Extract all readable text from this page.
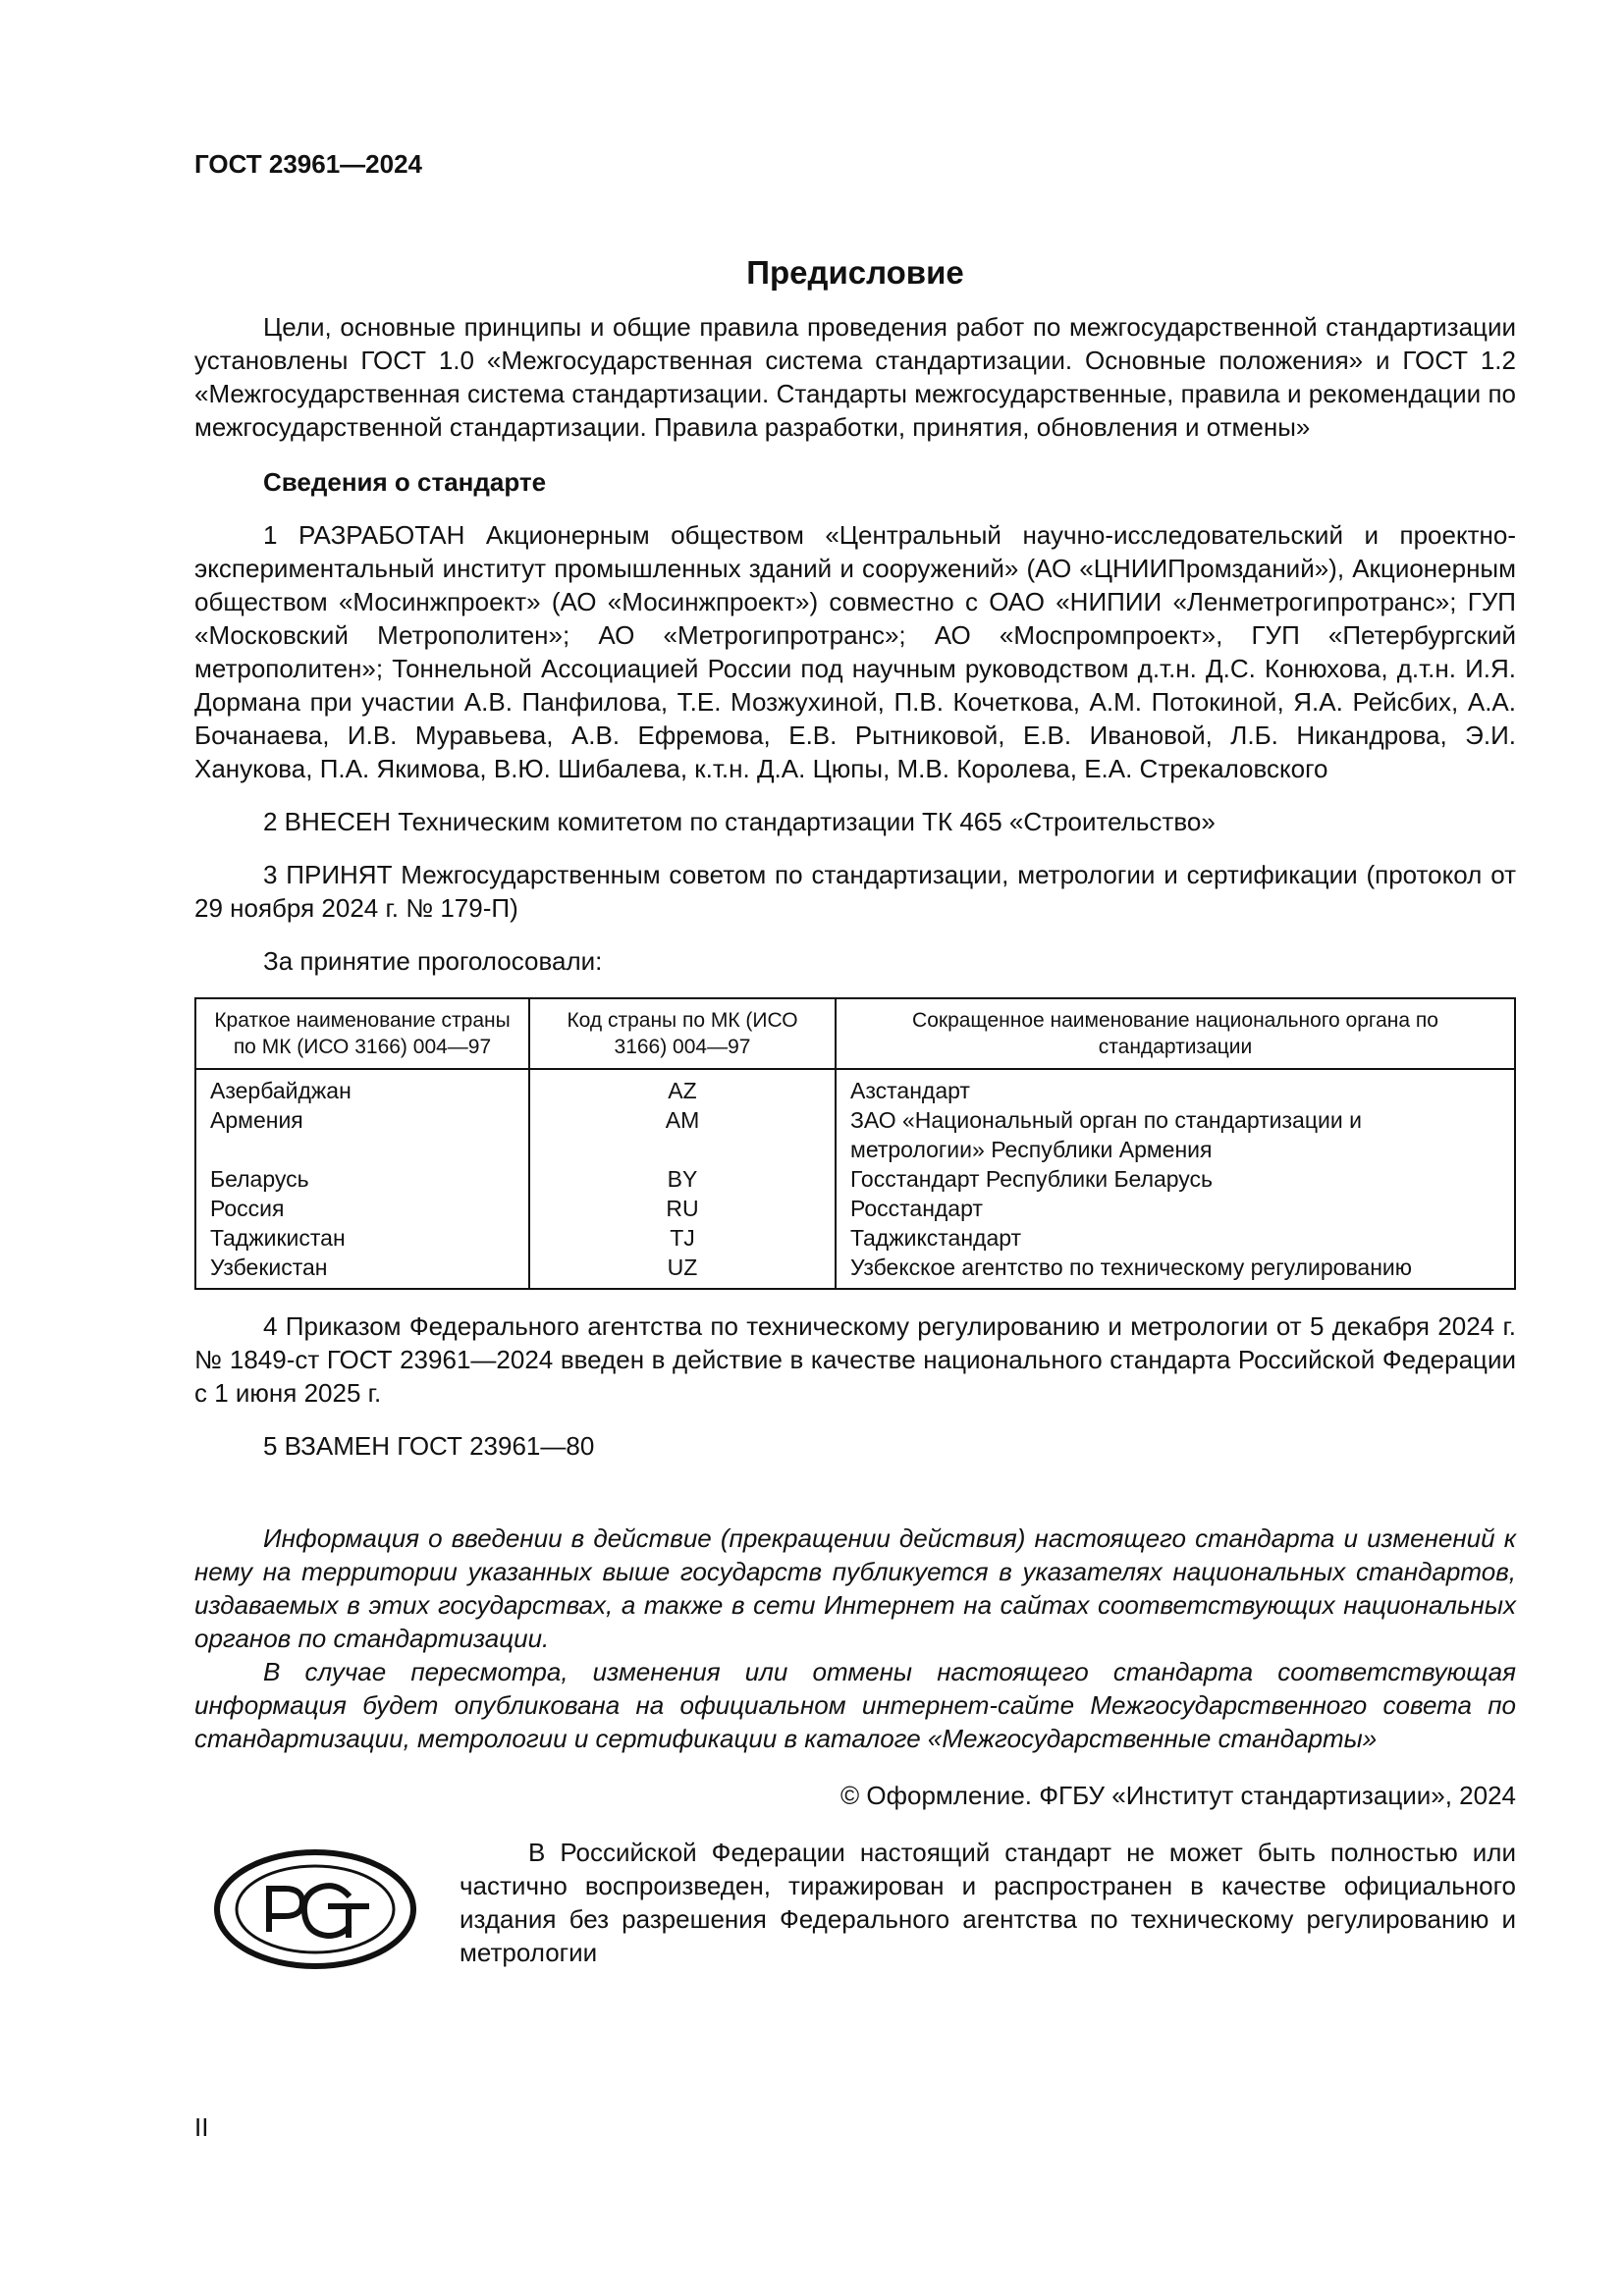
ГОСТ 23961—2024

Предисловие

Цели, основные принципы и общие правила проведения работ по межгосударственной стандартизации установлены ГОСТ 1.0 «Межгосударственная система стандартизации. Основные положения» и ГОСТ 1.2 «Межгосударственная система стандартизации. Стандарты межгосударственные, правила и рекомендации по межгосударственной стандартизации. Правила разработки, принятия, обновления и отмены»

Сведения о стандарте

1 РАЗРАБОТАН Акционерным обществом «Центральный научно-исследовательский и проектно-экспериментальный институт промышленных зданий и сооружений» (АО «ЦНИИПромзданий»), Акционерным обществом «Мосинжпроект» (АО «Мосинжпроект») совместно с ОАО «НИПИИ «Ленметрогипротранс»; ГУП «Московский Метрополитен»; АО «Метрогипротранс»; АО «Моспромпроект», ГУП «Петербургский метрополитен»; Тоннельной Ассоциацией России под научным руководством д.т.н. Д.С. Конюхова, д.т.н. И.Я. Дормана при участии А.В. Панфилова, Т.Е. Мозжухиной, П.В. Кочеткова, А.М. Потокиной, Я.А. Рейсбих, А.А. Бочанаева, И.В. Муравьева, А.В. Ефремова, Е.В. Рытниковой, Е.В. Ивановой, Л.Б. Никандрова, Э.И. Ханукова, П.А. Якимова, В.Ю. Шибалева, к.т.н. Д.А. Цюпы, М.В. Королева, Е.А. Стрекаловского

2 ВНЕСЕН Техническим комитетом по стандартизации ТК 465 «Строительство»

3 ПРИНЯТ Межгосударственным советом по стандартизации, метрологии и сертификации (протокол от 29 ноября 2024 г. № 179-П)

За принятие проголосовали:

Краткое наименование страны по МК (ИСО 3166) 004—97	Код страны по МК (ИСО 3166) 004—97	Сокращенное наименование национального органа по стандартизации
Азербайджан	AZ	Азстандарт
Армения	AM	ЗАО «Национальный орган по стандартизации и метрологии» Республики Армения
Беларусь	BY	Госстандарт Республики Беларусь
Россия	RU	Росстандарт
Таджикистан	TJ	Таджикстандарт
Узбекистан	UZ	Узбекское агентство по техническому регулированию

4 Приказом Федерального агентства по техническому регулированию и метрологии от 5 декабря 2024 г. № 1849-ст ГОСТ 23961—2024 введен в действие в качестве национального стандарта Российской Федерации с 1 июня 2025 г.

5 ВЗАМЕН ГОСТ 23961—80

Информация о введении в действие (прекращении действия) настоящего стандарта и изменений к нему на территории указанных выше государств публикуется в указателях национальных стандартов, издаваемых в этих государствах, а также в сети Интернет на сайтах соответствующих национальных органов по стандартизации.

В случае пересмотра, изменения или отмены настоящего стандарта соответствующая информация будет опубликована на официальном интернет-сайте Межгосударственного совета по стандартизации, метрологии и сертификации в каталоге «Межгосударственные стандарты»

© Оформление. ФГБУ «Институт стандартизации», 2024

В Российской Федерации настоящий стандарт не может быть полностью или частично воспроизведен, тиражирован и распространен в качестве официального издания без разрешения Федерального агентства по техническому регулированию и метрологии

II
